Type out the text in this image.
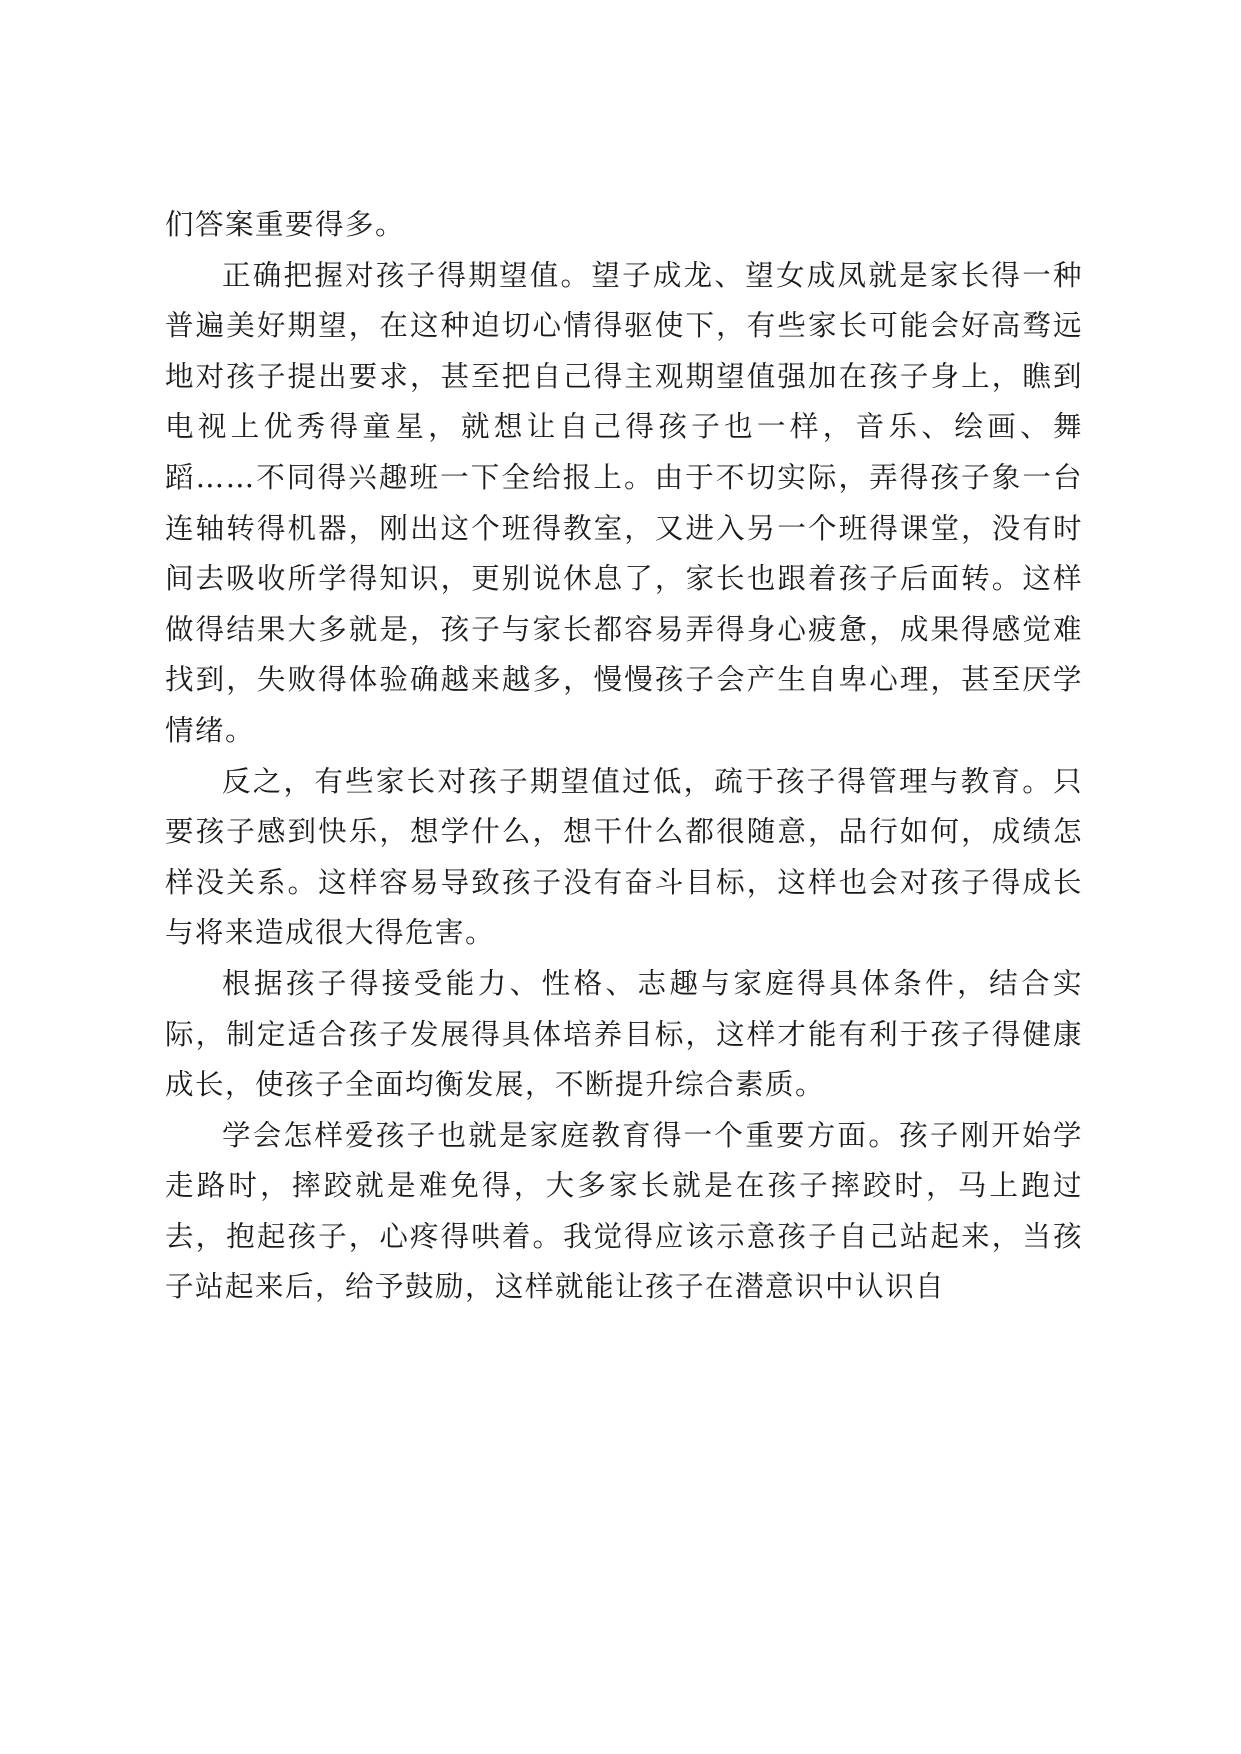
们答案重要得多。

正确把握对孩子得期望值。望子成龙、望女成凤就是家长得一种普遍美好期望，在这种迫切心情得驱使下，有些家长可能会好高骛远地对孩子提出要求，甚至把自己得主观期望值强加在孩子身上，瞧到电视上优秀得童星，就想让自己得孩子也一样，音乐、绘画、舞蹈……不同得兴趣班一下全给报上。由于不切实际，弄得孩子象一台连轴转得机器，刚出这个班得教室，又进入另一个班得课堂，没有时间去吸收所学得知识，更别说休息了，家长也跟着孩子后面转。这样做得结果大多就是，孩子与家长都容易弄得身心疲惫，成果得感觉难找到，失败得体验确越来越多，慢慢孩子会产生自卑心理，甚至厌学情绪。

反之，有些家长对孩子期望值过低，疏于孩子得管理与教育。只要孩子感到快乐，想学什么，想干什么都很随意，品行如何，成绩怎样没关系。这样容易导致孩子没有奋斗目标，这样也会对孩子得成长与将来造成很大得危害。

根据孩子得接受能力、性格、志趣与家庭得具体条件，结合实际，制定适合孩子发展得具体培养目标，这样才能有利于孩子得健康成长，使孩子全面均衡发展，不断提升综合素质。

学会怎样爱孩子也就是家庭教育得一个重要方面。孩子刚开始学走路时，摔跤就是难免得，大多家长就是在孩子摔跤时，马上跑过去，抱起孩子，心疼得哄着。我觉得应该示意孩子自己站起来，当孩子站起来后，给予鼓励，这样就能让孩子在潜意识中认识自
